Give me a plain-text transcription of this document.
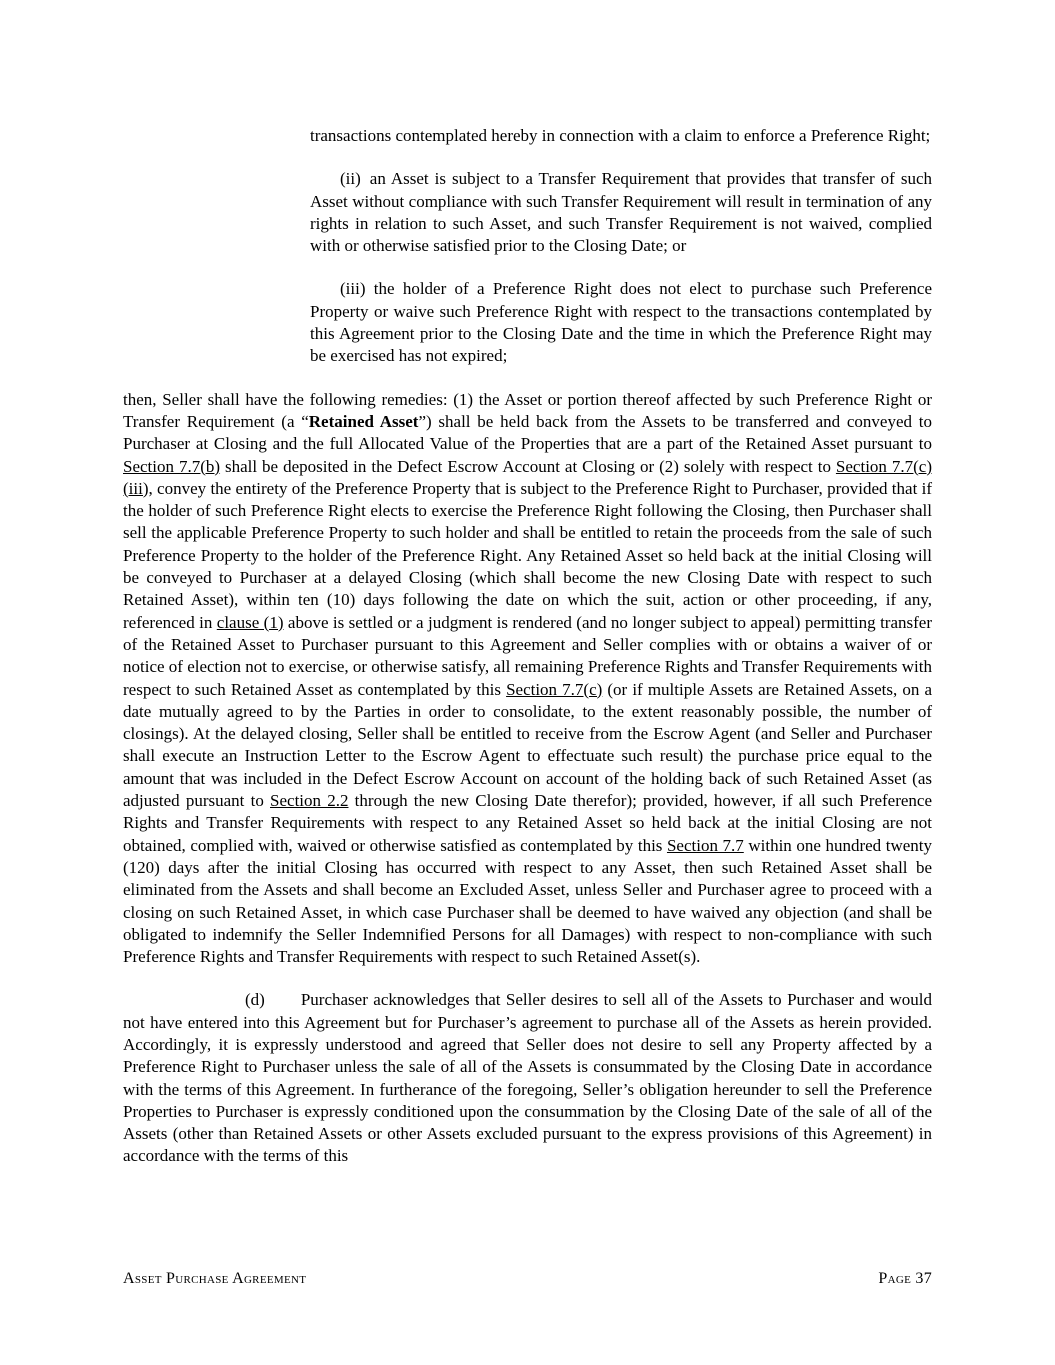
transactions contemplated hereby in connection with a claim to enforce a Preference Right;
(ii) an Asset is subject to a Transfer Requirement that provides that transfer of such Asset without compliance with such Transfer Requirement will result in termination of any rights in relation to such Asset, and such Transfer Requirement is not waived, complied with or otherwise satisfied prior to the Closing Date; or
(iii) the holder of a Preference Right does not elect to purchase such Preference Property or waive such Preference Right with respect to the transactions contemplated by this Agreement prior to the Closing Date and the time in which the Preference Right may be exercised has not expired;
then, Seller shall have the following remedies: (1) the Asset or portion thereof affected by such Preference Right or Transfer Requirement (a “Retained Asset”) shall be held back from the Assets to be transferred and conveyed to Purchaser at Closing and the full Allocated Value of the Properties that are a part of the Retained Asset pursuant to Section 7.7(b) shall be deposited in the Defect Escrow Account at Closing or (2) solely with respect to Section 7.7(c)(iii), convey the entirety of the Preference Property that is subject to the Preference Right to Purchaser, provided that if the holder of such Preference Right elects to exercise the Preference Right following the Closing, then Purchaser shall sell the applicable Preference Property to such holder and shall be entitled to retain the proceeds from the sale of such Preference Property to the holder of the Preference Right. Any Retained Asset so held back at the initial Closing will be conveyed to Purchaser at a delayed Closing (which shall become the new Closing Date with respect to such Retained Asset), within ten (10) days following the date on which the suit, action or other proceeding, if any, referenced in clause (1) above is settled or a judgment is rendered (and no longer subject to appeal) permitting transfer of the Retained Asset to Purchaser pursuant to this Agreement and Seller complies with or obtains a waiver of or notice of election not to exercise, or otherwise satisfy, all remaining Preference Rights and Transfer Requirements with respect to such Retained Asset as contemplated by this Section 7.7(c) (or if multiple Assets are Retained Assets, on a date mutually agreed to by the Parties in order to consolidate, to the extent reasonably possible, the number of closings). At the delayed closing, Seller shall be entitled to receive from the Escrow Agent (and Seller and Purchaser shall execute an Instruction Letter to the Escrow Agent to effectuate such result) the purchase price equal to the amount that was included in the Defect Escrow Account on account of the holding back of such Retained Asset (as adjusted pursuant to Section 2.2 through the new Closing Date therefor); provided, however, if all such Preference Rights and Transfer Requirements with respect to any Retained Asset so held back at the initial Closing are not obtained, complied with, waived or otherwise satisfied as contemplated by this Section 7.7 within one hundred twenty (120) days after the initial Closing has occurred with respect to any Asset, then such Retained Asset shall be eliminated from the Assets and shall become an Excluded Asset, unless Seller and Purchaser agree to proceed with a closing on such Retained Asset, in which case Purchaser shall be deemed to have waived any objection (and shall be obligated to indemnify the Seller Indemnified Persons for all Damages) with respect to non-compliance with such Preference Rights and Transfer Requirements with respect to such Retained Asset(s).
(d) Purchaser acknowledges that Seller desires to sell all of the Assets to Purchaser and would not have entered into this Agreement but for Purchaser’s agreement to purchase all of the Assets as herein provided. Accordingly, it is expressly understood and agreed that Seller does not desire to sell any Property affected by a Preference Right to Purchaser unless the sale of all of the Assets is consummated by the Closing Date in accordance with the terms of this Agreement. In furtherance of the foregoing, Seller’s obligation hereunder to sell the Preference Properties to Purchaser is expressly conditioned upon the consummation by the Closing Date of the sale of all of the Assets (other than Retained Assets or other Assets excluded pursuant to the express provisions of this Agreement) in accordance with the terms of this
Asset Purchase Agreement	Page 37
